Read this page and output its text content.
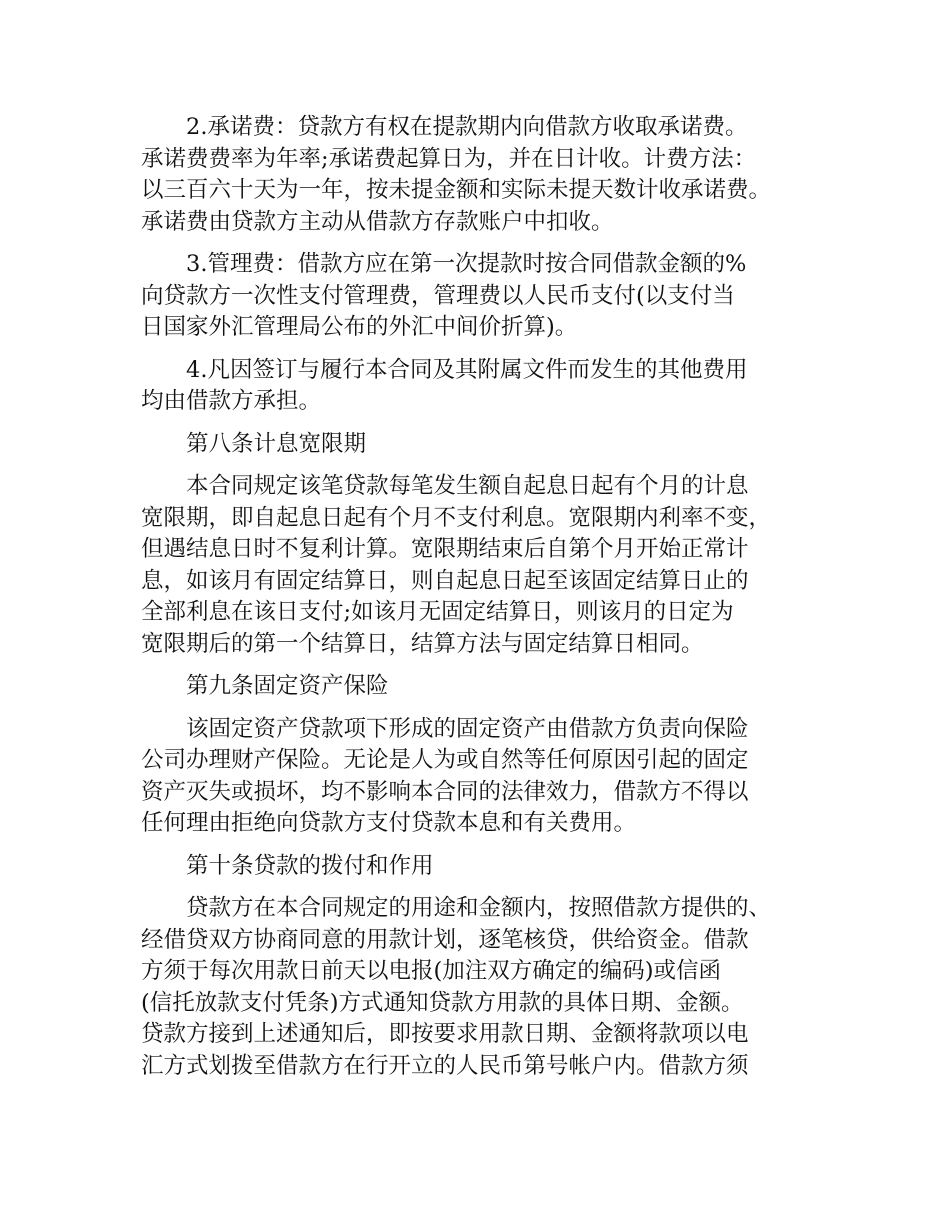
2.承诺费：贷款方有权在提款期内向借款方收取承诺费。
承诺费费率为年率;承诺费起算日为，并在日计收。计费方法：
以三百六十天为一年，按未提金额和实际未提天数计收承诺费。
承诺费由贷款方主动从借款方存款账户中扣收。
3.管理费：借款方应在第一次提款时按合同借款金额的%
向贷款方一次性支付管理费，管理费以人民币支付(以支付当
日国家外汇管理局公布的外汇中间价折算)。
4.凡因签订与履行本合同及其附属文件而发生的其他费用
均由借款方承担。
第八条计息宽限期
本合同规定该笔贷款每笔发生额自起息日起有个月的计息
宽限期，即自起息日起有个月不支付利息。宽限期内利率不变，
但遇结息日时不复利计算。宽限期结束后自第个月开始正常计
息，如该月有固定结算日，则自起息日起至该固定结算日止的
全部利息在该日支付;如该月无固定结算日，则该月的日定为
宽限期后的第一个结算日，结算方法与固定结算日相同。
第九条固定资产保险
该固定资产贷款项下形成的固定资产由借款方负责向保险
公司办理财产保险。无论是人为或自然等任何原因引起的固定
资产灭失或损坏，均不影响本合同的法律效力，借款方不得以
任何理由拒绝向贷款方支付贷款本息和有关费用。
第十条贷款的拨付和作用
贷款方在本合同规定的用途和金额内，按照借款方提供的、
经借贷双方协商同意的用款计划，逐笔核贷，供给资金。借款
方须于每次用款日前天以电报(加注双方确定的编码)或信函
(信托放款支付凭条)方式通知贷款方用款的具体日期、金额。
贷款方接到上述通知后，即按要求用款日期、金额将款项以电
汇方式划拨至借款方在行开立的人民币第号帐户内。借款方须
